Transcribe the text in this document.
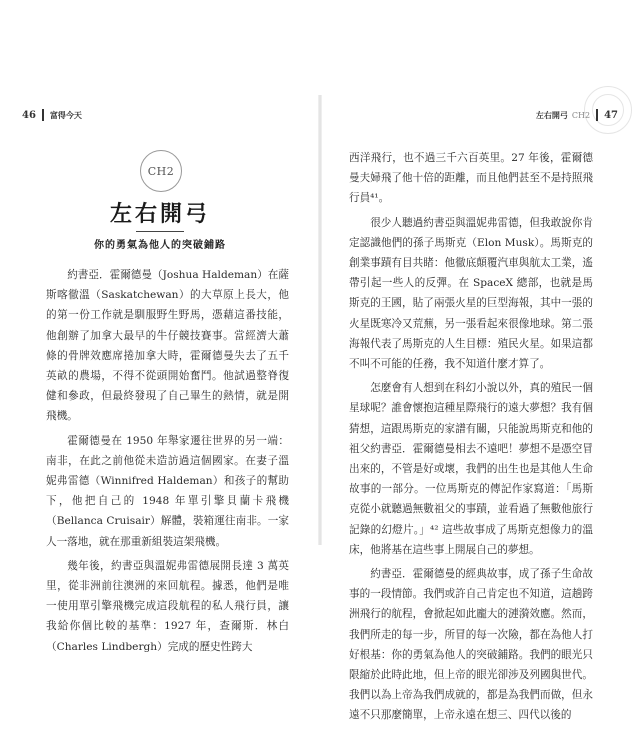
46 富得今天
CH2
左右開弓
你的勇氣為他人的突破鋪路

約書亞．霍爾德曼（Joshua Haldeman）在薩斯喀徹溫（Saskatchewan）的大草原上長大，他的第一份工作就是馴服野生野馬，憑藉這番技能，他創辦了加拿大最早的牛仔競技賽事。當經濟大蕭條的骨牌效應席捲加拿大時，霍爾德曼失去了五千英畝的農場，不得不從頭開始奮鬥。他試過整脊復健和參政，但最終發現了自己畢生的熱情，就是開飛機。

霍爾德曼在 1950 年舉家遷往世界的另一端：南非，在此之前他從未造訪過這個國家。在妻子溫妮弗雷德（Winnifred Haldeman）和孩子的幫助下，他把自己的 1948 年單引擎貝蘭卡飛機（Bellanca Cruisair）解體，裝箱運往南非。一家人一落地，就在那重新組裝這架飛機。

幾年後，約書亞與溫妮弗雷德展開長達 3 萬英里，從非洲前往澳洲的來回航程。據悉，他們是唯一使用單引擎飛機完成這段航程的私人飛行員，讓我給你個比較的基準：1927 年，查爾斯．林白（Charles Lindbergh）完成的歷史性跨大

左右開弓 CH2 47

西洋飛行，也不過三千六百英里。27 年後，霍爾德曼夫婦飛了他十倍的距離，而且他們甚至不是持照飛行員⁴¹。

很少人聽過約書亞與溫妮弗雷德，但我敢說你肯定認識他們的孫子馬斯克（Elon Musk）。馬斯克的創業事蹟有目共睹：他徹底顛覆汽車與航太工業，遙帶引起一些人的反彈。在 SpaceX 總部，也就是馬斯克的王國，貼了兩張火星的巨型海報，其中一張的火星既寒冷又荒蕪，另一張看起來很像地球。第二張海報代表了馬斯克的人生目標：殖民火星。如果這都不叫不可能的任務，我不知道什麼才算了。

怎麼會有人想到在科幻小說以外，真的殖民一個星球呢？誰會懷抱這種星際飛行的遠大夢想？我有個猜想，這跟馬斯克的家譜有關，只能說馬斯克和他的祖父約書亞．霍爾德曼相去不遠吧！夢想不是憑空冒出來的，不管是好或壞，我們的出生也是其他人生命故事的一部分。一位馬斯克的傳記作家寫道：「馬斯克從小就聽過無數祖父的事蹟，並看過了無數他旅行記錄的幻燈片。」⁴² 這些故事成了馬斯克想像力的溫床，他將基在這些事上開展自己的夢想。

約書亞．霍爾德曼的經典故事，成了孫子生命故事的一段情節。我們或許自己肯定也不知道，這趟跨洲飛行的航程，會掀起如此龐大的漣漪效應。然而，我們所走的每一步，所冒的每一次險，都在為他人打好根基：你的勇氣為他人的突破鋪路。我們的眼光只限縮於此時此地，但上帝的眼光卻涉及列國與世代。我們以為上帝為我們成就的，都是為我們而做，但永遠不只那麼簡單，上帝永遠在想三、四代以後的
